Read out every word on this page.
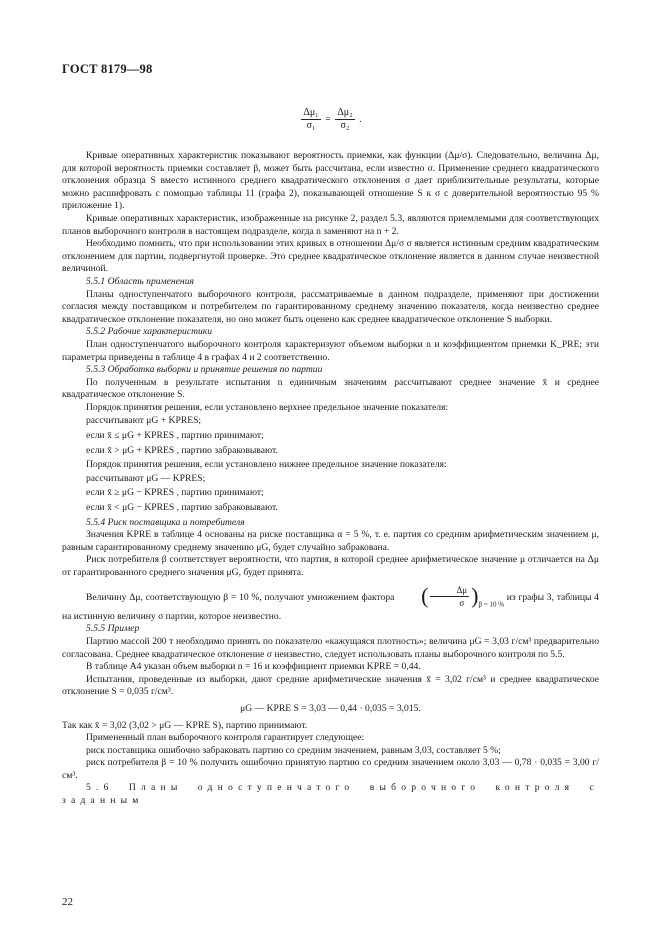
ГОСТ 8179—98
$\frac{\text{Δμ₁}}{\text{σ₁}} = \frac{\text{Δμ₂}}{\text{σ₂}}$ .

Кривые оперативных характеристик показывают вероятность приемки, как функции (Δμ/σ). Следовательно, величина Δμ, для которой вероятность приемки составляет β, может быть рассчитана, если известно σ. Применение среднего квадратического отклонения образца S вместо истинного среднего квадратического отклонения σ дает приблизительные результаты, которые можно расшифровать с помощью таблицы 11 (графа 2), показывающей отношение S к σ с доверительной вероятностью 95 % приложение 1).

Кривые оперативных характеристик, изображенные на рисунке 2, раздел 5.3, являются приемлемыми для соответствующих планов выборочного контроля в настоящем подразделе, когда n заменяют на n + 2.

Необходимо помнить, что при использовании этих кривых в отношении Δμ/σ σ является истинным средним квадратическим отклонением для партии, подвергнутой проверке. Это среднее квадратическое отклонение является в данном случае неизвестной величиной.

5.5.1 Область применения

Планы одноступенчатого выборочного контроля, рассматриваемые в данном подразделе, применяют при достижении согласия между поставщиком и потребителем по гарантированному среднему значению показателя, когда неизвестно среднее квадратическое отклонение показателя, но оно может быть оценено как среднее квадратическое отклонение S выборки.

5.5.2 Рабочие характеристики

План одноступенчатого выборочного контроля характеризуют объемом выборки n и коэффициентом приемки K_PRE; эти параметры приведены в таблице 4 в графах 4 и 2 соответственно.

5.5.3 Обработка выборки и принятие решения по партии

По полученным в результате испытания n единичным значениям рассчитывают среднее значение x̄ и среднее квадратическое отклонение S.

Порядок принятия решения, если установлено верхнее предельное значение показателя:

рассчитывают μG + KPRES;
если x̄ ≤ μG + KPRES , партию принимают;
если x̄ > μG + KPRES , партию забраковывают.

Порядок принятия решения, если установлено нижнее предельное значение показателя:

рассчитывают μG — KPRES;
если x̄ ≥ μG − KPRES , партию принимают;
если x̄ < μG − KPRES , партию забраковывают.
5.5.4 Риск поставщика и потребителя

Значения KPRE в таблице 4 основаны на риске поставщика α = 5 %, т. е. партия со средним арифметическим значением μ, равным гарантированному среднему значению μG, будет случайно забракована.

Риск потребителя β соответствует вероятности, что партия, в которой среднее арифметическое значение μ отличается на Δμ от гарантированного среднего значения μG, будет принята.

Величину Δμ, соответствующую β = 10 %, получают умножением фактора ( $\frac{\Delta\mu}{\sigma} )_{\beta = 10 \%}$ из графы 3, таблицы 4 на истинную величину σ партии, которое неизвестно.

5.5.5 Пример

Партию массой 200 т необходимо принять по показателю «кажущаяся плотность»; величина μG = 3,03 г/см³ предварительно согласована. Среднее квадратическое отклонение σ неизвестно, следует использовать планы выборочного контроля по 5.5.

В таблице А4 указан объем выборки n = 16 и коэффициент приемки KPRE = 0,44.

Испытания, проведенные из выборки, дают средние арифметические значения x̄ = 3,02 г/см³ и среднее квадратическое отклонение S = 0,035 г/см³.

μG — KPRE S = 3,03 — 0,44 · 0,035 = 3,015.

Так как x̄ = 3,02 (3,02 > μG — KPRE S), партию принимают.

Примененный план выборочного контроля гарантирует следующее:

риск поставщика ошибочно забраковать партию со средним значением, равным 3,03, составляет 5 %;

риск потребителя β = 10 % получить ошибочно принятую партию со средним значением около 3,03 — 0,78 · 0,035 = 3,00 г/см³.

5.6 Планы одноступенчатого выборочного контроля с заданным

22
